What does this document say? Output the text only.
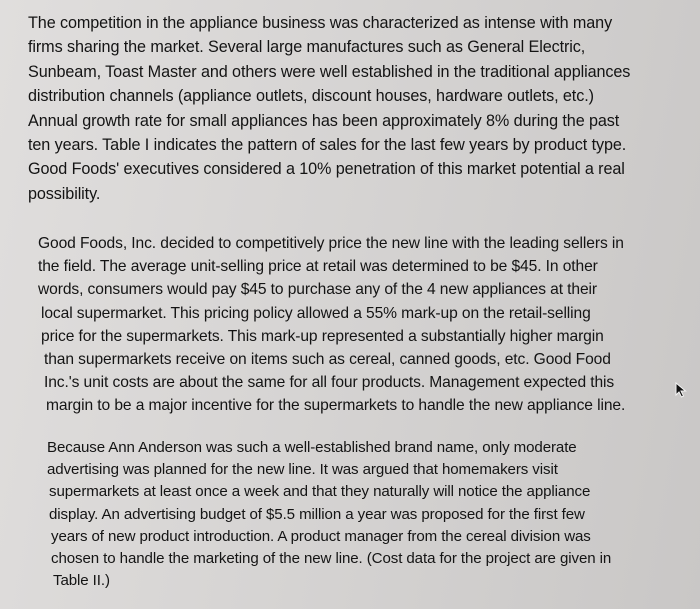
The competition in the appliance business was characterized as intense with many
firms sharing the market. Several large manufactures such as General Electric,
Sunbeam, Toast Master and others were well established in the traditional appliances
distribution channels (appliance outlets, discount houses, hardware outlets, etc.)
Annual growth rate for small appliances has been approximately 8% during the past
ten years. Table I indicates the pattern of sales for the last few years by product type.
Good Foods' executives considered a 10% penetration of this market potential a real
possibility.

Good Foods, Inc. decided to competitively price the new line with the leading sellers in
the field. The average unit-selling price at retail was determined to be $45. In other
words, consumers would pay $45 to purchase any of the 4 new appliances at their
local supermarket. This pricing policy allowed a 55% mark-up on the retail-selling
price for the supermarkets. This mark-up represented a substantially higher margin
than supermarkets receive on items such as cereal, canned goods, etc. Good Food
Inc.'s unit costs are about the same for all four products. Management expected this
margin to be a major incentive for the supermarkets to handle the new appliance line.

Because Ann Anderson was such a well-established brand name, only moderate
advertising was planned for the new line. It was argued that homemakers visit
supermarkets at least once a week and that they naturally will notice the appliance
display. An advertising budget of $5.5 million a year was proposed for the first few
years of new product introduction. A product manager from the cereal division was
chosen to handle the marketing of the new line. (Cost data for the project are given in
Table II.)
